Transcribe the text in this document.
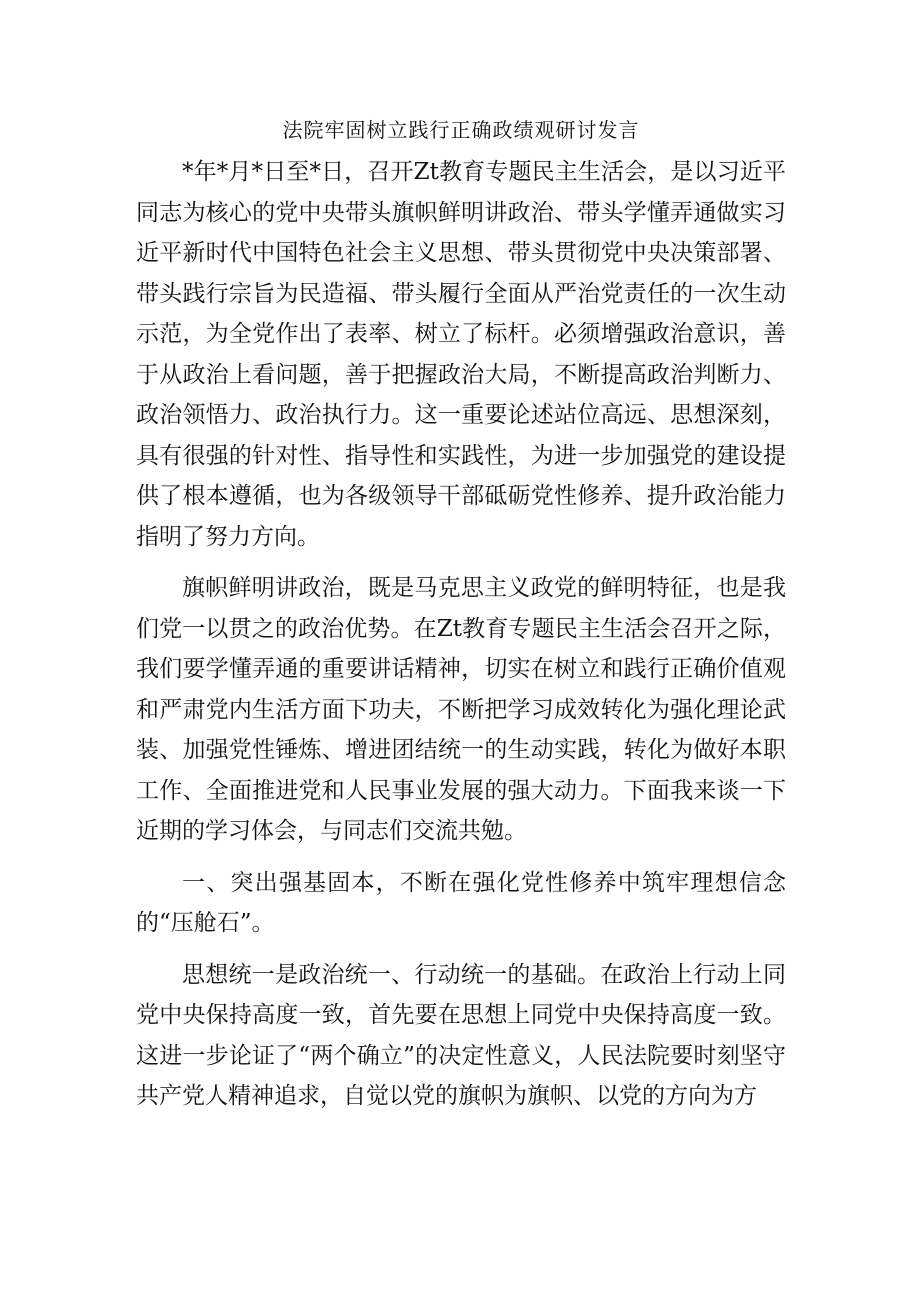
法院牢固树立践行正确政绩观研讨发言

*年*月*日至*日，召开Zt教育专题民主生活会，是以习近平同志为核心的党中央带头旗帜鲜明讲政治、带头学懂弄通做实习近平新时代中国特色社会主义思想、带头贯彻党中央决策部署、带头践行宗旨为民造福、带头履行全面从严治党责任的一次生动示范，为全党作出了表率、树立了标杆。必须增强政治意识，善于从政治上看问题，善于把握政治大局，不断提高政治判断力、政治领悟力、政治执行力。这一重要论述站位高远、思想深刻，具有很强的针对性、指导性和实践性，为进一步加强党的建设提供了根本遵循，也为各级领导干部砥砺党性修养、提升政治能力指明了努力方向。

旗帜鲜明讲政治，既是马克思主义政党的鲜明特征，也是我们党一以贯之的政治优势。在Zt教育专题民主生活会召开之际，我们要学懂弄通的重要讲话精神，切实在树立和践行正确价值观和严肃党内生活方面下功夫，不断把学习成效转化为强化理论武装、加强党性锤炼、增进团结统一的生动实践，转化为做好本职工作、全面推进党和人民事业发展的强大动力。下面我来谈一下近期的学习体会，与同志们交流共勉。

一、突出强基固本，不断在强化党性修养中筑牢理想信念的“压舱石”。

思想统一是政治统一、行动统一的基础。在政治上行动上同党中央保持高度一致，首先要在思想上同党中央保持高度一致。这进一步论证了“两个确立”的决定性意义，人民法院要时刻坚守共产党人精神追求，自觉以党的旗帜为旗帜、以党的方向为方
